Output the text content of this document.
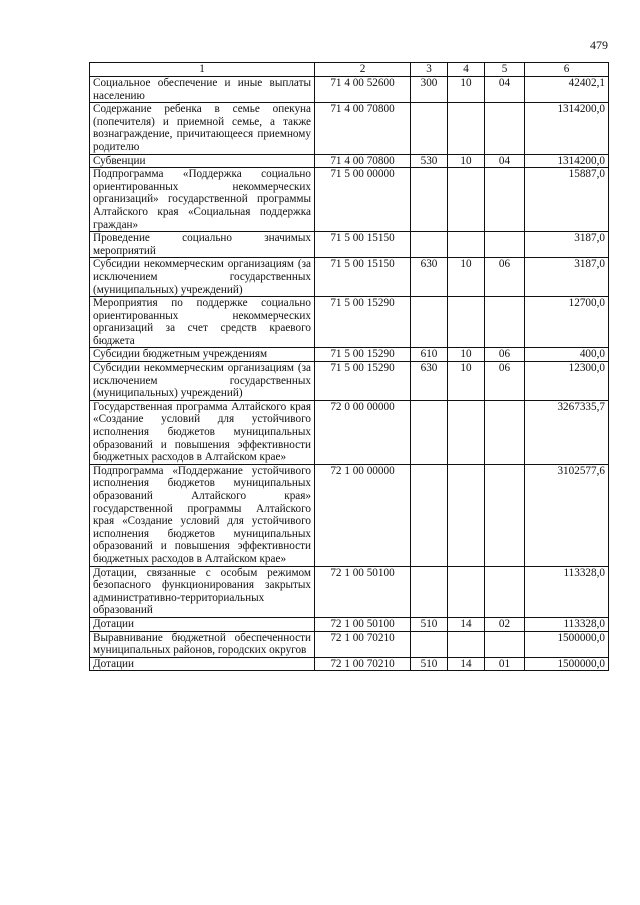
479
1	2	3	4	5	6
Социальное обеспечение и иные выплаты населению	71 4 00 52600	300	10	04	42402,1
Содержание ребенка в семье опекуна (попечителя) и приемной семье, а также вознаграждение, причитающееся приемному родителю	71 4 00 70800				1314200,0
Субвенции	71 4 00 70800	530	10	04	1314200,0
Подпрограмма «Поддержка социально ориентированных некоммерческих организаций» государственной программы Алтайского края «Социальная поддержка граждан»	71 5 00 00000				15887,0
Проведение социально значимых мероприятий	71 5 00 15150				3187,0
Субсидии некоммерческим организациям (за исключением государственных (муниципальных) учреждений)	71 5 00 15150	630	10	06	3187,0
Мероприятия по поддержке социально ориентированных некоммерческих организаций за счет средств краевого бюджета	71 5 00 15290				12700,0
Субсидии бюджетным учреждениям	71 5 00 15290	610	10	06	400,0
Субсидии некоммерческим организациям (за исключением государственных (муниципальных) учреждений)	71 5 00 15290	630	10	06	12300,0
Государственная программа Алтайского края «Создание условий для устойчивого исполнения бюджетов муниципальных образований и повышения эффективности бюджетных расходов в Алтайском крае»	72 0 00 00000				3267335,7
Подпрограмма «Поддержание устойчивого исполнения бюджетов муниципальных образований Алтайского края» государственной программы Алтайского края «Создание условий для устойчивого исполнения бюджетов муниципальных образований и повышения эффективности бюджетных расходов в Алтайском крае»	72 1 00 00000				3102577,6
Дотации, связанные с особым режимом безопасного функционирования закрытых административно-территориальных образований	72 1 00 50100				113328,0
Дотации	72 1 00 50100	510	14	02	113328,0
Выравнивание бюджетной обеспеченности муниципальных районов, городских округов	72 1 00 70210				1500000,0
Дотации	72 1 00 70210	510	14	01	1500000,0
